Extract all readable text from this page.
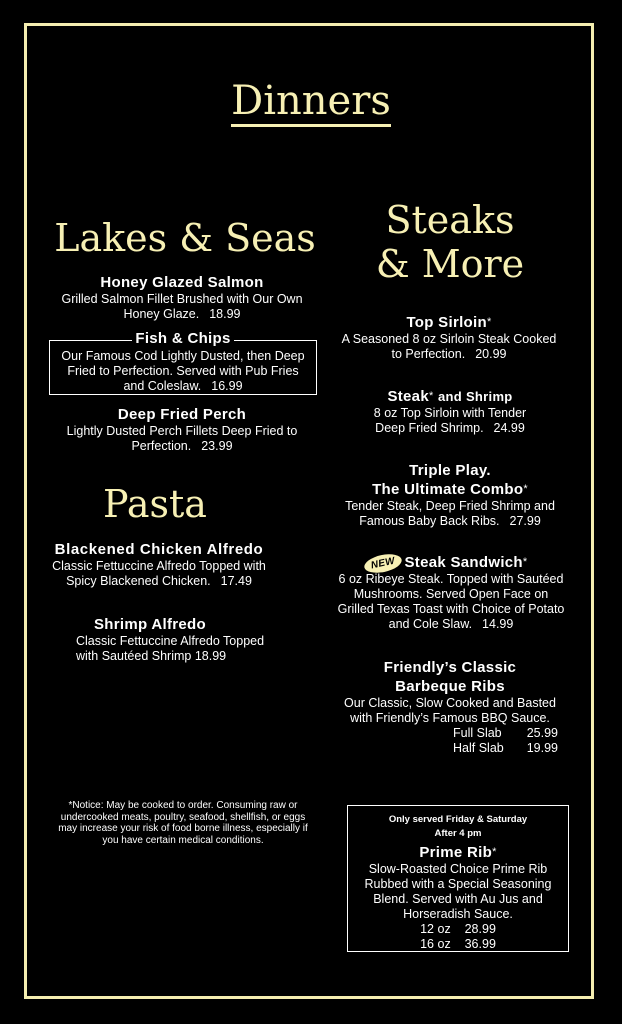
Dinners
Lakes & Seas
Honey Glazed Salmon
Grilled Salmon Fillet Brushed with Our Own Honey Glaze. 18.99
Fish & Chips
Our Famous Cod Lightly Dusted, then Deep Fried to Perfection. Served with Pub Fries and Coleslaw. 16.99
Deep Fried Perch
Lightly Dusted Perch Fillets Deep Fried to Perfection. 23.99
Pasta
Blackened Chicken Alfredo
Classic Fettuccine Alfredo Topped with Spicy Blackened Chicken. 17.49
Shrimp Alfredo
Classic Fettuccine Alfredo Topped with Sautéed Shrimp 18.99
*Notice: May be cooked to order. Consuming raw or undercooked meats, poultry, seafood, shellfish, or eggs may increase your risk of food borne illness, especially if you have certain medical conditions.
Steaks
& More
Top Sirloin*
A Seasoned 8 oz Sirloin Steak Cooked to Perfection. 20.99
Steak* and Shrimp
8 oz Top Sirloin with Tender Deep Fried Shrimp. 24.99
Triple Play.
The Ultimate Combo*
Tender Steak, Deep Fried Shrimp and Famous Baby Back Ribs. 27.99
NEW Steak Sandwich*
6 oz Ribeye Steak. Topped with Sautéed Mushrooms. Served Open Face on Grilled Texas Toast with Choice of Potato and Cole Slaw. 14.99
Friendly’s Classic
Barbeque Ribs
Our Classic, Slow Cooked and Basted with Friendly’s Famous BBQ Sauce.
Full Slab	25.99
Half Slab	19.99
Only served Friday & Saturday
After 4 pm
Prime Rib*
Slow-Roasted Choice Prime Rib Rubbed with a Special Seasoning Blend. Served with Au Jus and Horseradish Sauce.
12 oz 28.99
16 oz 36.99
